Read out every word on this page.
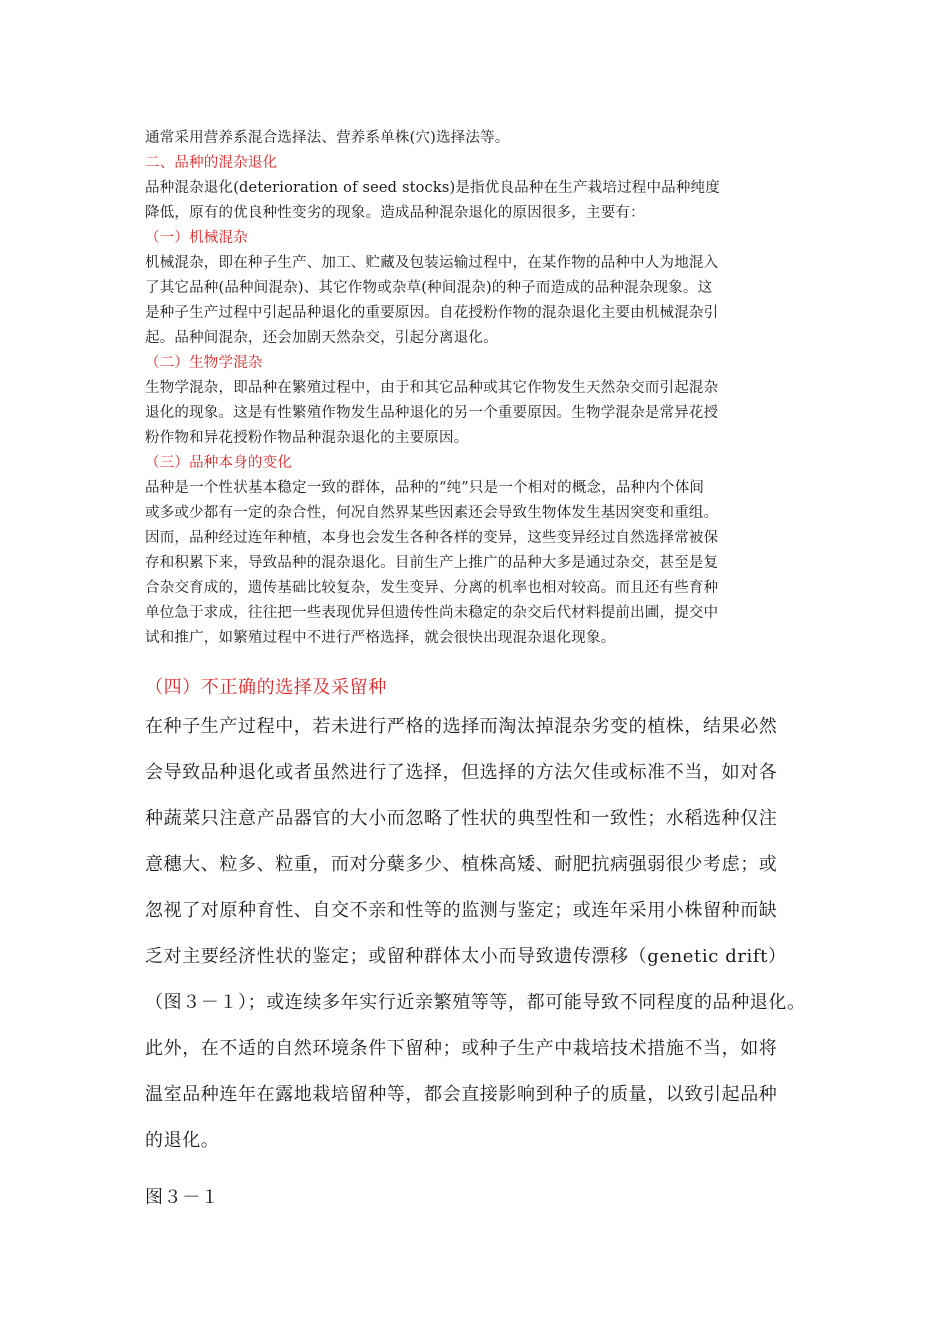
通常采用营养系混合选择法、营养系单株(穴)选择法等。
二、品种的混杂退化
品种混杂退化(deterioration of seed stocks)是指优良品种在生产栽培过程中品种纯度
降低，原有的优良种性变劣的现象。造成品种混杂退化的原因很多，主要有：
（一）机械混杂
机械混杂，即在种子生产、加工、贮藏及包装运输过程中，在某作物的品种中人为地混入
了其它品种(品种间混杂)、其它作物或杂草(种间混杂)的种子而造成的品种混杂现象。这
是种子生产过程中引起品种退化的重要原因。自花授粉作物的混杂退化主要由机械混杂引
起。品种间混杂，还会加剧天然杂交，引起分离退化。
（二）生物学混杂
生物学混杂，即品种在繁殖过程中，由于和其它品种或其它作物发生天然杂交而引起混杂
退化的现象。这是有性繁殖作物发生品种退化的另一个重要原因。生物学混杂是常异花授
粉作物和异花授粉作物品种混杂退化的主要原因。
（三）品种本身的变化
品种是一个性状基本稳定一致的群体，品种的“纯”只是一个相对的概念，品种内个体间
或多或少都有一定的杂合性，何况自然界某些因素还会导致生物体发生基因突变和重组。
因而，品种经过连年种植，本身也会发生各种各样的变异，这些变异经过自然选择常被保
存和积累下来，导致品种的混杂退化。目前生产上推广的品种大多是通过杂交，甚至是复
合杂交育成的，遗传基础比较复杂，发生变异、分离的机率也相对较高。而且还有些育种
单位急于求成，往往把一些表现优异但遗传性尚未稳定的杂交后代材料提前出圃，提交中
试和推广，如繁殖过程中不进行严格选择，就会很快出现混杂退化现象。

（四）不正确的选择及采留种

在种子生产过程中，若未进行严格的选择而淘汰掉混杂劣变的植株，结果必然
会导致品种退化或者虽然进行了选择，但选择的方法欠佳或标准不当，如对各
种蔬菜只注意产品器官的大小而忽略了性状的典型性和一致性；水稻选种仅注
意穗大、粒多、粒重，而对分蘖多少、植株高矮、耐肥抗病强弱很少考虑；或
忽视了对原种育性、自交不亲和性等的监测与鉴定；或连年采用小株留种而缺
乏对主要经济性状的鉴定；或留种群体太小而导致遗传漂移（genetic drift）
（图３－１）；或连续多年实行近亲繁殖等等，都可能导致不同程度的品种退化。
此外，在不适的自然环境条件下留种；或种子生产中栽培技术措施不当，如将
温室品种连年在露地栽培留种等，都会直接影响到种子的质量，以致引起品种
的退化。

图３－１
